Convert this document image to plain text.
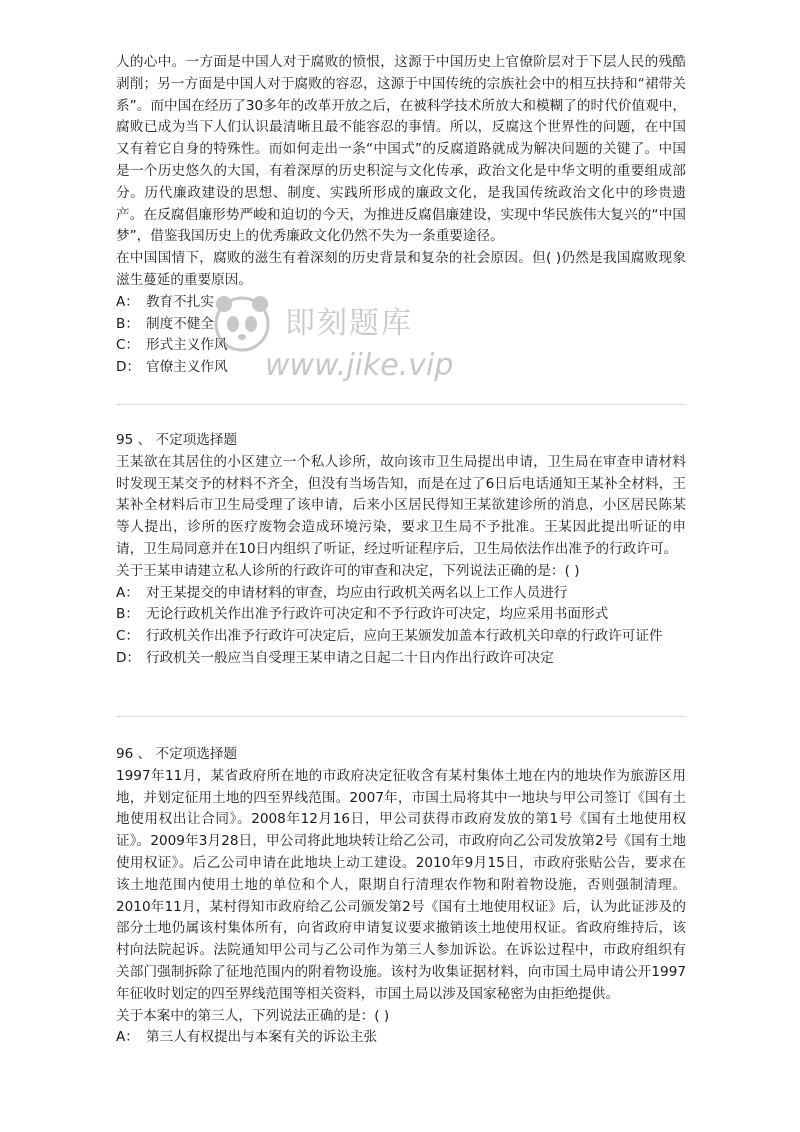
人的心中。一方面是中国人对于腐败的愤恨，这源于中国历史上官僚阶层对于下层人民的残酷剥削；另一方面是中国人对于腐败的容忍，这源于中国传统的宗族社会中的相互扶持和“裙带关系”。而中国在经历了30多年的改革开放之后，在被科学技术所放大和模糊了的时代价值观中，腐败已成为当下人们认识最清晰且最不能容忍的事情。所以，反腐这个世界性的问题，在中国又有着它自身的特殊性。而如何走出一条“中国式”的反腐道路就成为解决问题的关键了。中国是一个历史悠久的大国，有着深厚的历史积淀与文化传承，政治文化是中华文明的重要组成部分。历代廉政建设的思想、制度、实践所形成的廉政文化，是我国传统政治文化中的珍贵遗产。在反腐倡廉形势严峻和迫切的今天，为推进反腐倡廉建设，实现中华民族伟大复兴的“中国梦”，借鉴我国历史上的优秀廉政文化仍然不失为一条重要途径。

在中国国情下，腐败的滋生有着深刻的历史背景和复杂的社会原因。但( )仍然是我国腐败现象滋生蔓延的重要原因。

A： 教育不扎实
B： 制度不健全
C： 形式主义作风
D： 官僚主义作风

95 、 不定项选择题

王某欲在其居住的小区建立一个私人诊所，故向该市卫生局提出申请，卫生局在审查申请材料时发现王某交予的材料不齐全，但没有当场告知，而是在过了6日后电话通知王某补全材料，王某补全材料后市卫生局受理了该申请，后来小区居民得知王某欲建诊所的消息，小区居民陈某等人提出，诊所的医疗废物会造成环境污染，要求卫生局不予批准。王某因此提出听证的申请，卫生局同意并在10日内组织了听证，经过听证程序后，卫生局依法作出准予的行政许可。

关于王某申请建立私人诊所的行政许可的审查和决定，下列说法正确的是：( )

A： 对王某提交的申请材料的审查，均应由行政机关两名以上工作人员进行
B： 无论行政机关作出准予行政许可决定和不予行政许可决定，均应采用书面形式
C： 行政机关作出准予行政许可决定后，应向王某颁发加盖本行政机关印章的行政许可证件
D： 行政机关一般应当自受理王某申请之日起二十日内作出行政许可决定

96 、 不定项选择题

1997年11月，某省政府所在地的市政府决定征收含有某村集体土地在内的地块作为旅游区用地，并划定征用土地的四至界线范围。2007年，市国土局将其中一地块与甲公司签订《国有土地使用权出让合同》。2008年12月16日，甲公司获得市政府发放的第1号《国有土地使用权证》。2009年3月28日，甲公司将此地块转让给乙公司，市政府向乙公司发放第2号《国有土地使用权证》。后乙公司申请在此地块上动工建设。2010年9月15日，市政府张贴公告，要求在该土地范围内使用土地的单位和个人，限期自行清理农作物和附着物设施，否则强制清理。2010年11月，某村得知市政府给乙公司颁发第2号《国有土地使用权证》后，认为此证涉及的部分土地仍属该村集体所有，向省政府申请复议要求撤销该土地使用权证。省政府维持后，该村向法院起诉。法院通知甲公司与乙公司作为第三人参加诉讼。在诉讼过程中，市政府组织有关部门强制拆除了征地范围内的附着物设施。该村为收集证据材料，向市国土局申请公开1997年征收时划定的四至界线范围等相关资料，市国土局以涉及国家秘密为由拒绝提供。

关于本案中的第三人，下列说法正确的是：( )

A： 第三人有权提出与本案有关的诉讼主张
即刻题库
www.jike.vip
